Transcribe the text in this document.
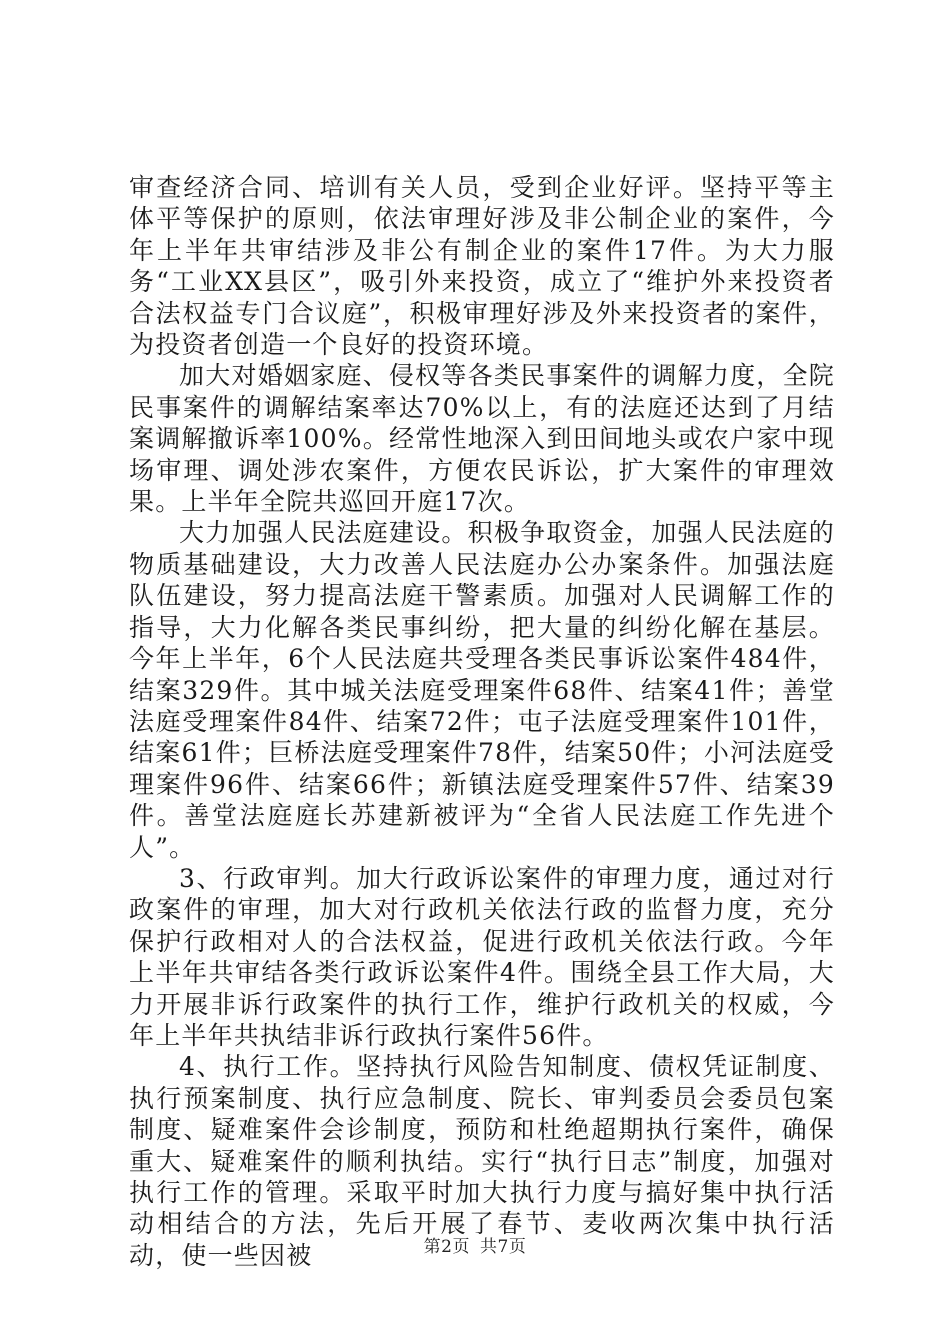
审查经济合同、培训有关人员，受到企业好评。坚持平等主体平等保护的原则，依法审理好涉及非公制企业的案件，今年上半年共审结涉及非公有制企业的案件17件。为大力服务“工业XX县区”，吸引外来投资，成立了“维护外来投资者合法权益专门合议庭”，积极审理好涉及外来投资者的案件，为投资者创造一个良好的投资环境。

加大对婚姻家庭、侵权等各类民事案件的调解力度，全院民事案件的调解结案率达70%以上，有的法庭还达到了月结案调解撤诉率100%。经常性地深入到田间地头或农户家中现场审理、调处涉农案件，方便农民诉讼，扩大案件的审理效果。上半年全院共巡回开庭17次。

大力加强人民法庭建设。积极争取资金，加强人民法庭的物质基础建设，大力改善人民法庭办公办案条件。加强法庭队伍建设，努力提高法庭干警素质。加强对人民调解工作的指导，大力化解各类民事纠纷，把大量的纠纷化解在基层。今年上半年，6个人民法庭共受理各类民事诉讼案件484件，结案329件。其中城关法庭受理案件68件、结案41件；善堂法庭受理案件84件、结案72件；屯子法庭受理案件101件，结案61件；巨桥法庭受理案件78件，结案50件；小河法庭受理案件96件、结案66件；新镇法庭受理案件57件、结案39件。善堂法庭庭长苏建新被评为“全省人民法庭工作先进个人”。

3、行政审判。加大行政诉讼案件的审理力度，通过对行政案件的审理，加大对行政机关依法行政的监督力度，充分保护行政相对人的合法权益，促进行政机关依法行政。今年上半年共审结各类行政诉讼案件4件。围绕全县工作大局，大力开展非诉行政案件的执行工作，维护行政机关的权威，今年上半年共执结非诉行政执行案件56件。

4、执行工作。坚持执行风险告知制度、债权凭证制度、执行预案制度、执行应急制度、院长、审判委员会委员包案制度、疑难案件会诊制度，预防和杜绝超期执行案件，确保重大、疑难案件的顺利执结。实行“执行日志”制度，加强对执行工作的管理。采取平时加大执行力度与搞好集中执行活动相结合的方法，先后开展了春节、麦收两次集中执行活动，使一些因被	第2页 共7页
